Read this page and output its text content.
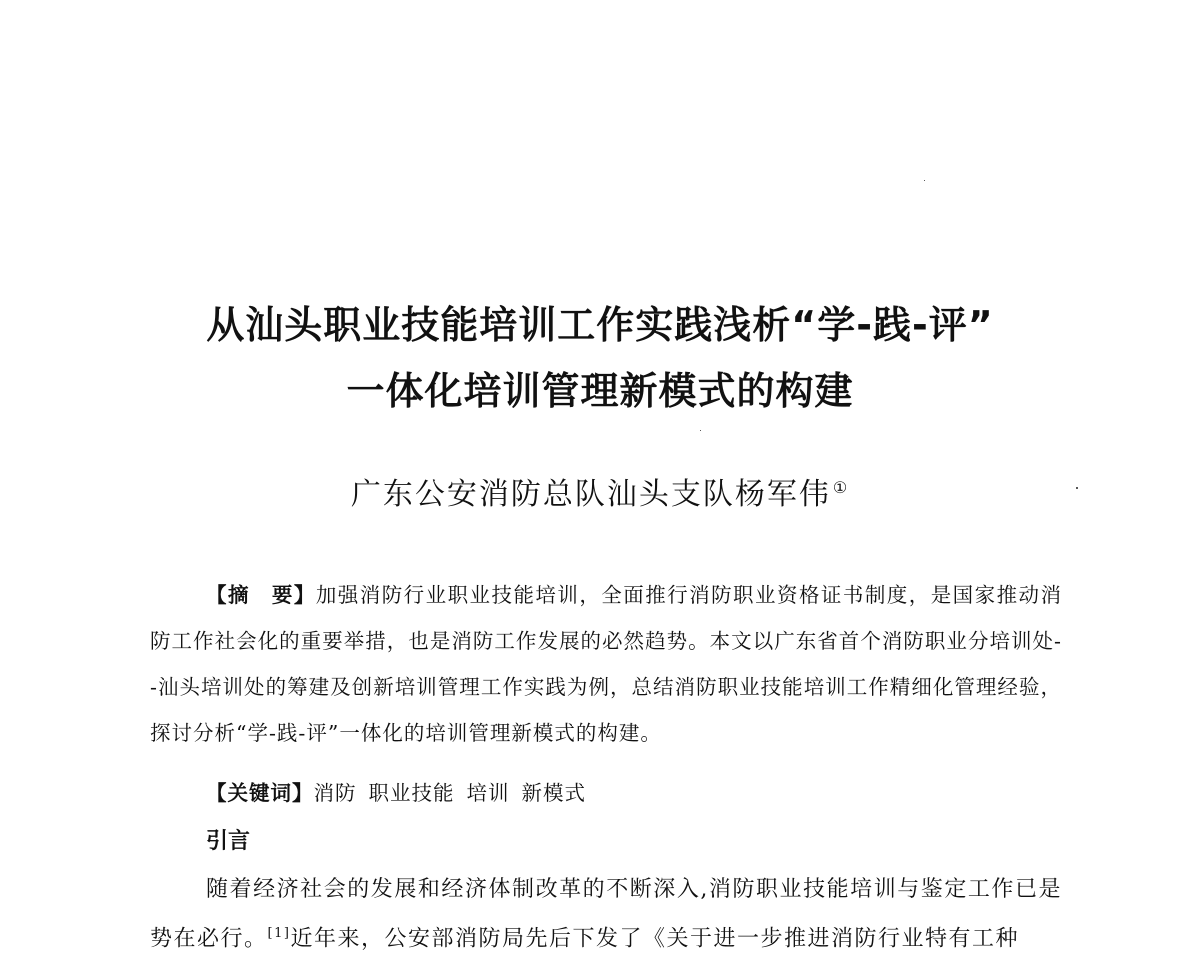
从汕头职业技能培训工作实践浅析“学-践-评”
一体化培训管理新模式的构建
广东公安消防总队汕头支队杨军伟 ①
【摘　要】加强消防行业职业技能培训，全面推行消防职业资格证书制度，是国家推动消防工作社会化的重要举措，也是消防工作发展的必然趋势。本文以广东省首个消防职业分培训处--汕头培训处的筹建及创新培训管理工作实践为例，总结消防职业技能培训工作精细化管理经验，探讨分析“学-践-评”一体化的培训管理新模式的构建。
【关键词】消防 职业技能 培训 新模式
引言
随着经济社会的发展和经济体制改革的不断深入,消防职业技能培训与鉴定工作已是势在必行。[1]近年来，公安部消防局先后下发了《关于进一步推进消防行业特有工种
